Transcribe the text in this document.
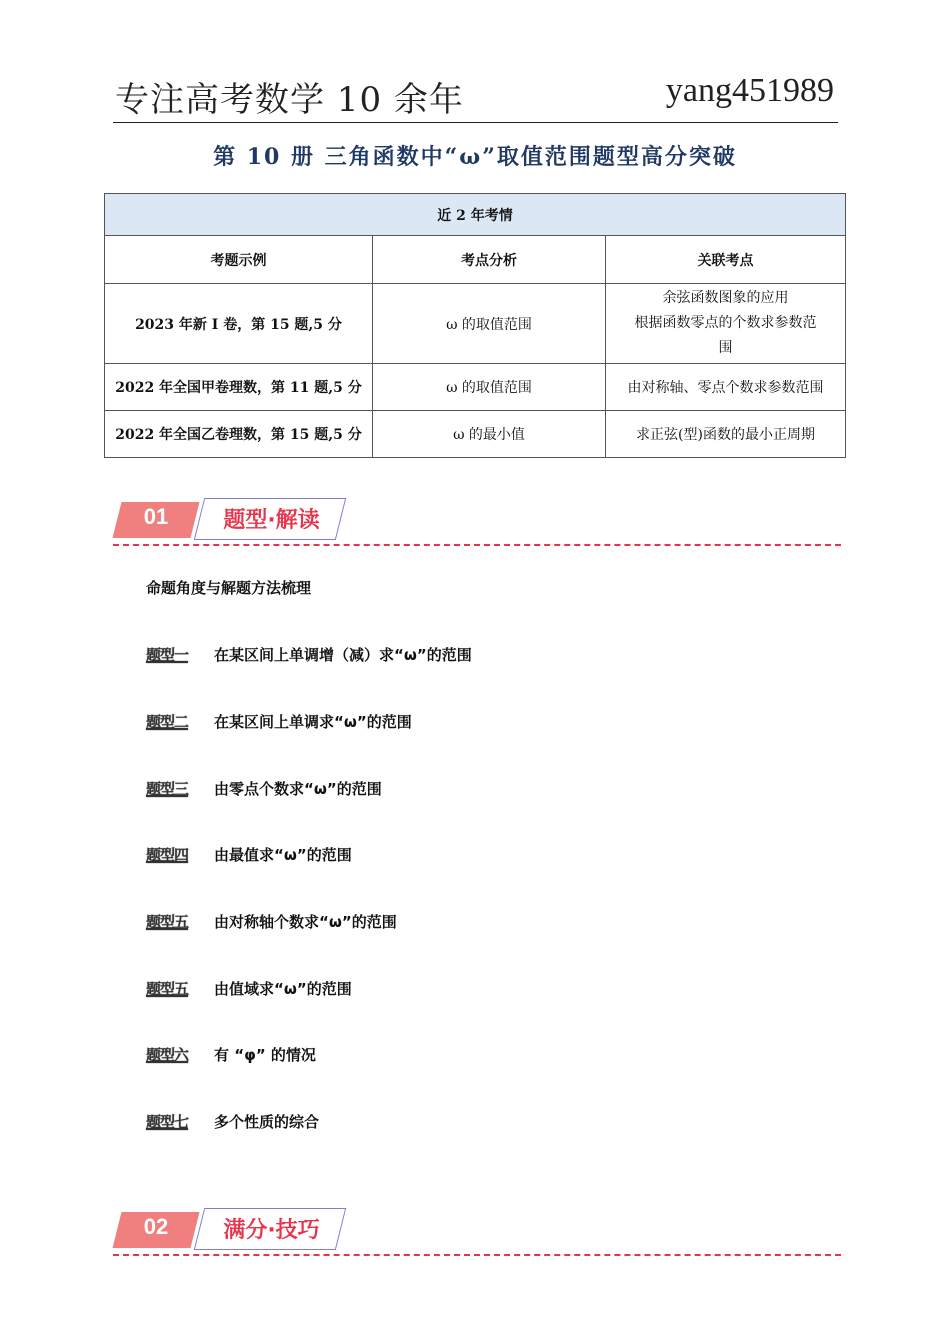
专注高考数学 10 余年	yang451989
第 10 册 三角函数中“ω”取值范围题型高分突破
近 2 年考情		
考题示例	考点分析	关联考点
2023 年新 I 卷，第 15 题,5 分	ω 的取值范围	余弦函数图象的应用
根据函数零点的个数求参数范
围

2022 年全国甲卷理数，第 11 题,5 分	ω 的取值范围	由对称轴、零点个数求参数范围
2022 年全国乙卷理数，第 15 题,5 分	ω 的最小值	求正弦(型)函数的最小正周期
01	题型·解读
命题角度与解题方法梳理
题型一 在某区间上单调增（减）求“ω”的范围
题型二 在某区间上单调求“ω”的范围
题型三 由零点个数求“ω”的范围
题型四 由最值求“ω”的范围
题型五 由对称轴个数求“ω”的范围
题型五 由值域求“ω”的范围
题型六 有 “φ” 的情况
题型七 多个性质的综合
02	满分·技巧
